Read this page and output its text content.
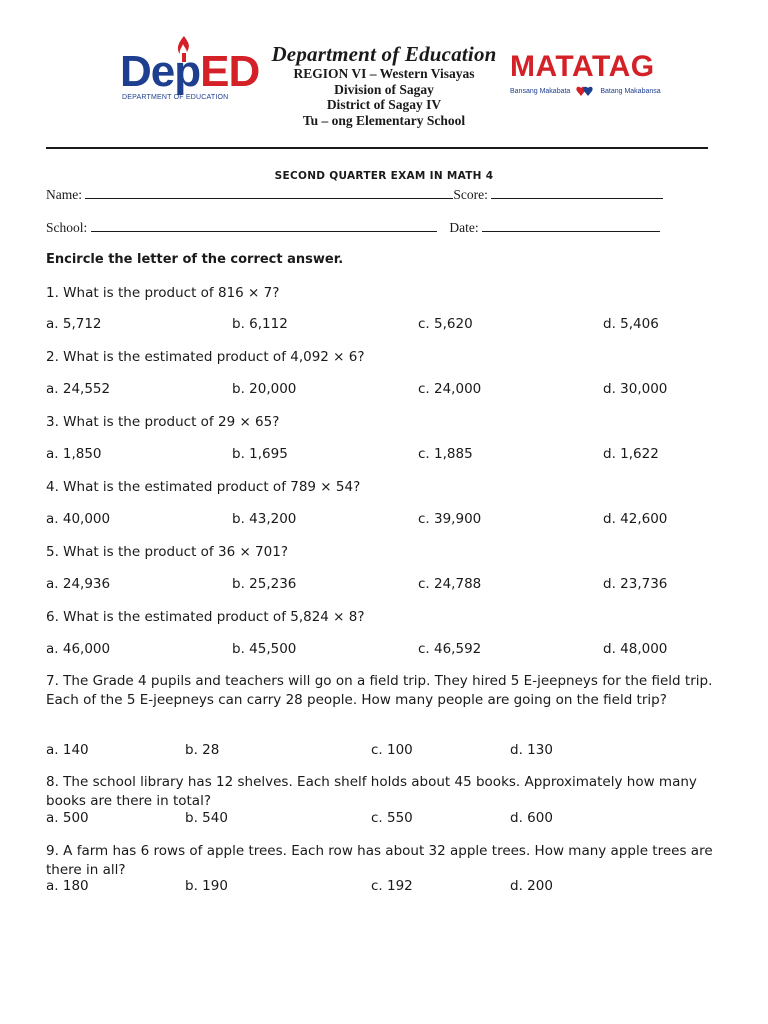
DepED
DEPARTMENT OF EDUCATION
Department of Education
REGION VI – Western Visayas
Division of Sagay
District of Sagay IV
Tu – ong Elementary School
MATATAG
Bansang Makabata	Batang Makabansa
SECOND QUARTER EXAM IN MATH 4
Name:	Score:
School:	Date:
Encircle the letter of the correct answer.
1. What is the product of 816 × 7?
a. 5,712	b. 6,112	c. 5,620	d. 5,406
2. What is the estimated product of 4,092 × 6?
a. 24,552	b. 20,000	c. 24,000	d. 30,000
3. What is the product of 29 × 65?
a. 1,850	b. 1,695	c. 1,885	d. 1,622
4. What is the estimated product of 789 × 54?
a. 40,000	b. 43,200	c. 39,900	d. 42,600
5. What is the product of 36 × 701?
a. 24,936	b. 25,236	c. 24,788	d. 23,736
6. What is the estimated product of 5,824 × 8?
a. 46,000	b. 45,500	c. 46,592	d. 48,000
7. The Grade 4 pupils and teachers will go on a field trip. They hired 5 E-jeepneys for the field trip. Each of the 5 E-jeepneys can carry 28 people. How many people are going on the field trip?
a. 140	b. 28	c. 100	d. 130
8. The school library has 12 shelves. Each shelf holds about 45 books. Approximately how many books are there in total?
a. 500	b. 540	c. 550	d. 600
9. A farm has 6 rows of apple trees. Each row has about 32 apple trees. How many apple trees are there in all?
a. 180	b. 190	c. 192	d. 200
